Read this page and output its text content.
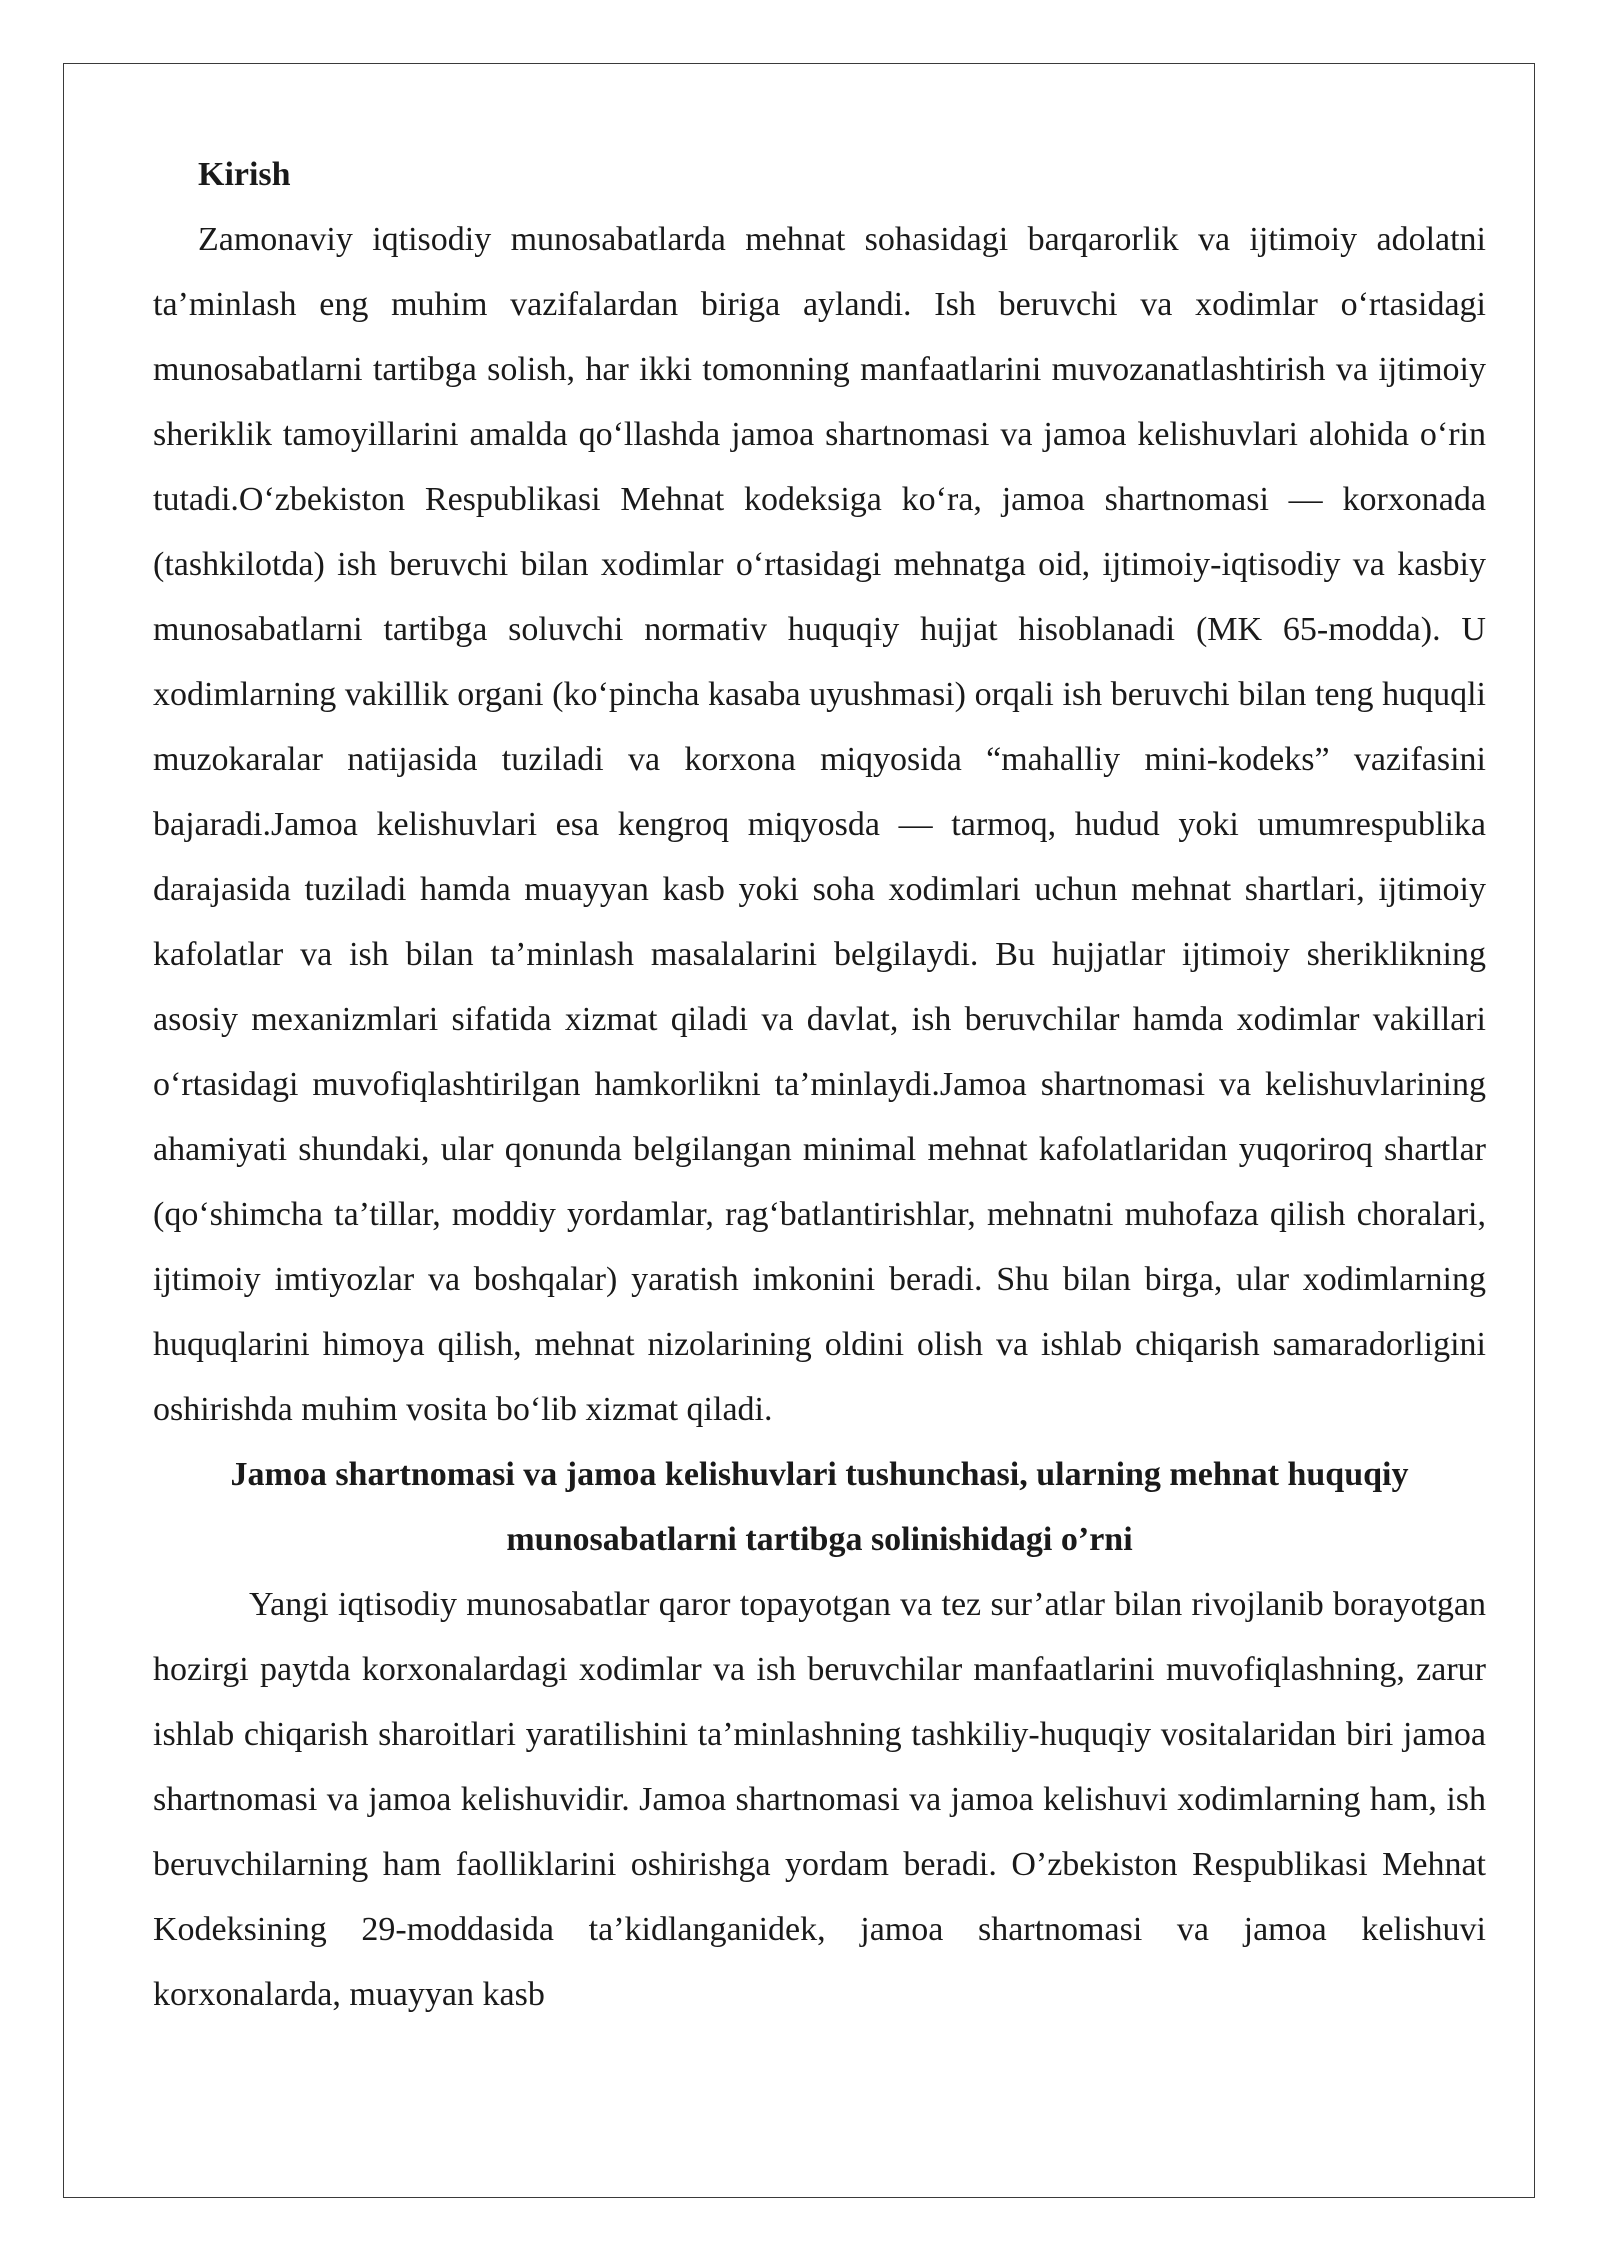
Kirish

Zamonaviy iqtisodiy munosabatlarda mehnat sohasidagi barqarorlik va ijtimoiy adolatni ta’minlash eng muhim vazifalardan biriga aylandi. Ish beruvchi va xodimlar o‘rtasidagi munosabatlarni tartibga solish, har ikki tomonning manfaatlarini muvozanatlashtirish va ijtimoiy sheriklik tamoyillarini amalda qo‘llashda jamoa shartnomasi va jamoa kelishuvlari alohida o‘rin tutadi.O‘zbekiston Respublikasi Mehnat kodeksiga ko‘ra, jamoa shartnomasi — korxonada (tashkilotda) ish beruvchi bilan xodimlar o‘rtasidagi mehnatga oid, ijtimoiy-iqtisodiy va kasbiy munosabatlarni tartibga soluvchi normativ huquqiy hujjat hisoblanadi (MK 65-modda). U xodimlarning vakillik organi (ko‘pincha kasaba uyushmasi) orqali ish beruvchi bilan teng huquqli muzokaralar natijasida tuziladi va korxona miqyosida “mahalliy mini-kodeks” vazifasini bajaradi.Jamoa kelishuvlari esa kengroq miqyosda — tarmoq, hudud yoki umumrespublika darajasida tuziladi hamda muayyan kasb yoki soha xodimlari uchun mehnat shartlari, ijtimoiy kafolatlar va ish bilan ta’minlash masalalarini belgilaydi. Bu hujjatlar ijtimoiy sheriklikning asosiy mexanizmlari sifatida xizmat qiladi va davlat, ish beruvchilar hamda xodimlar vakillari o‘rtasidagi muvofiqlashtirilgan hamkorlikni ta’minlaydi.Jamoa shartnomasi va kelishuvlarining ahamiyati shundaki, ular qonunda belgilangan minimal mehnat kafolatlaridan yuqoriroq shartlar (qo‘shimcha ta’tillar, moddiy yordamlar, rag‘batlantirishlar, mehnatni muhofaza qilish choralari, ijtimoiy imtiyozlar va boshqalar) yaratish imkonini beradi. Shu bilan birga, ular xodimlarning huquqlarini himoya qilish, mehnat nizolarining oldini olish va ishlab chiqarish samaradorligini oshirishda muhim vosita bo‘lib xizmat qiladi.

Jamoa shartnomasi va jamoa kelishuvlari tushunchasi, ularning mehnat huquqiy munosabatlarni tartibga solinishidagi o’rni

Yangi iqtisodiy munosabatlar qaror topayotgan va tez sur’atlar bilan rivojlanib borayotgan hozirgi paytda korxonalardagi xodimlar va ish beruvchilar manfaatlarini muvofiqlashning, zarur ishlab chiqarish sharoitlari yaratilishini ta’minlashning tashkiliy-huquqiy vositalaridan biri jamoa shartnomasi va jamoa kelishuvidir. Jamoa shartnomasi va jamoa kelishuvi xodimlarning ham, ish beruvchilarning ham faolliklarini oshirishga yordam beradi. O’zbekiston Respublikasi Mehnat Kodeksining 29-moddasida ta’kidlanganidek, jamoa shartnomasi va jamoa kelishuvi korxonalarda, muayyan kasb
